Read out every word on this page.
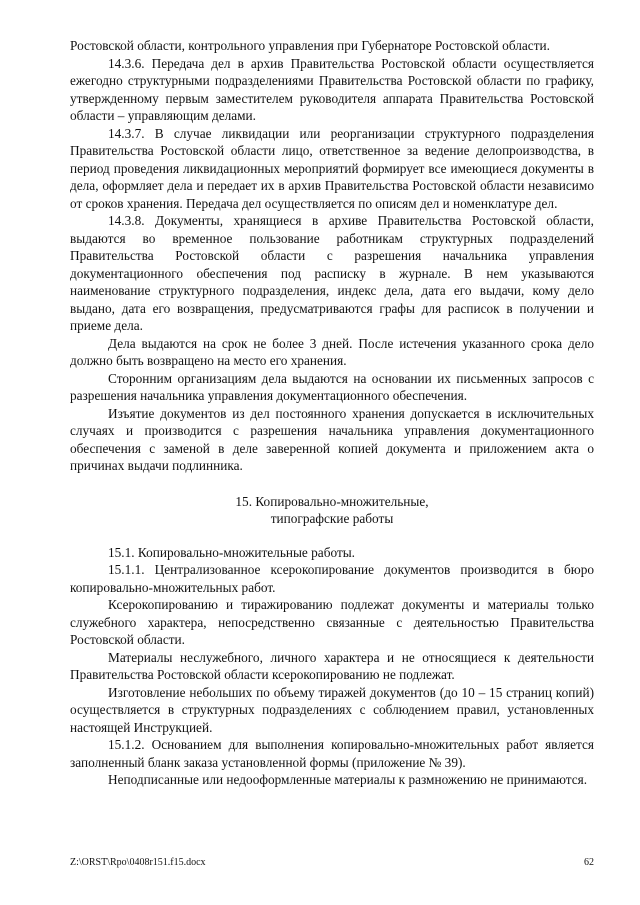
Ростовской области, контрольного управления при Губернаторе Ростовской области.

14.3.6. Передача дел в архив Правительства Ростовской области осуществляется ежегодно структурными подразделениями Правительства Ростовской области по графику, утвержденному первым заместителем руководителя аппарата Правительства Ростовской области – управляющим делами.

14.3.7. В случае ликвидации или реорганизации структурного подразделения Правительства Ростовской области лицо, ответственное за ведение делопроизводства, в период проведения ликвидационных мероприятий формирует все имеющиеся документы в дела, оформляет дела и передает их в архив Правительства Ростовской области независимо от сроков хранения. Передача дел осуществляется по описям дел и номенклатуре дел.

14.3.8. Документы, хранящиеся в архиве Правительства Ростовской области, выдаются во временное пользование работникам структурных подразделений Правительства Ростовской области с разрешения начальника управления документационного обеспечения под расписку в журнале. В нем указываются наименование структурного подразделения, индекс дела, дата его выдачи, кому дело выдано, дата его возвращения, предусматриваются графы для расписок в получении и приеме дела.

Дела выдаются на срок не более 3 дней. После истечения указанного срока дело должно быть возвращено на место его хранения.

Сторонним организациям дела выдаются на основании их письменных запросов с разрешения начальника управления документационного обеспечения.

Изъятие документов из дел постоянного хранения допускается в исключительных случаях и производится с разрешения начальника управления документационного обеспечения с заменой в деле заверенной копией документа и приложением акта о причинах выдачи подлинника.

15. Копировально-множительные,
типографские работы

15.1. Копировально-множительные работы.

15.1.1. Централизованное ксерокопирование документов производится в бюро копировально-множительных работ.

Ксерокопированию и тиражированию подлежат документы и материалы только служебного характера, непосредственно связанные с деятельностью Правительства Ростовской области.

Материалы неслужебного, личного характера и не относящиеся к деятельности Правительства Ростовской области ксерокопированию не подлежат.

Изготовление небольших по объему тиражей документов (до 10 – 15 страниц копий) осуществляется в структурных подразделениях с соблюдением правил, установленных настоящей Инструкцией.

15.1.2. Основанием для выполнения копировально-множительных работ является заполненный бланк заказа установленной формы (приложение № 39).

Неподписанные или недооформленные материалы к размножению не принимаются.

Z:\ORST\Rpo\0408r151.f15.docx	62
